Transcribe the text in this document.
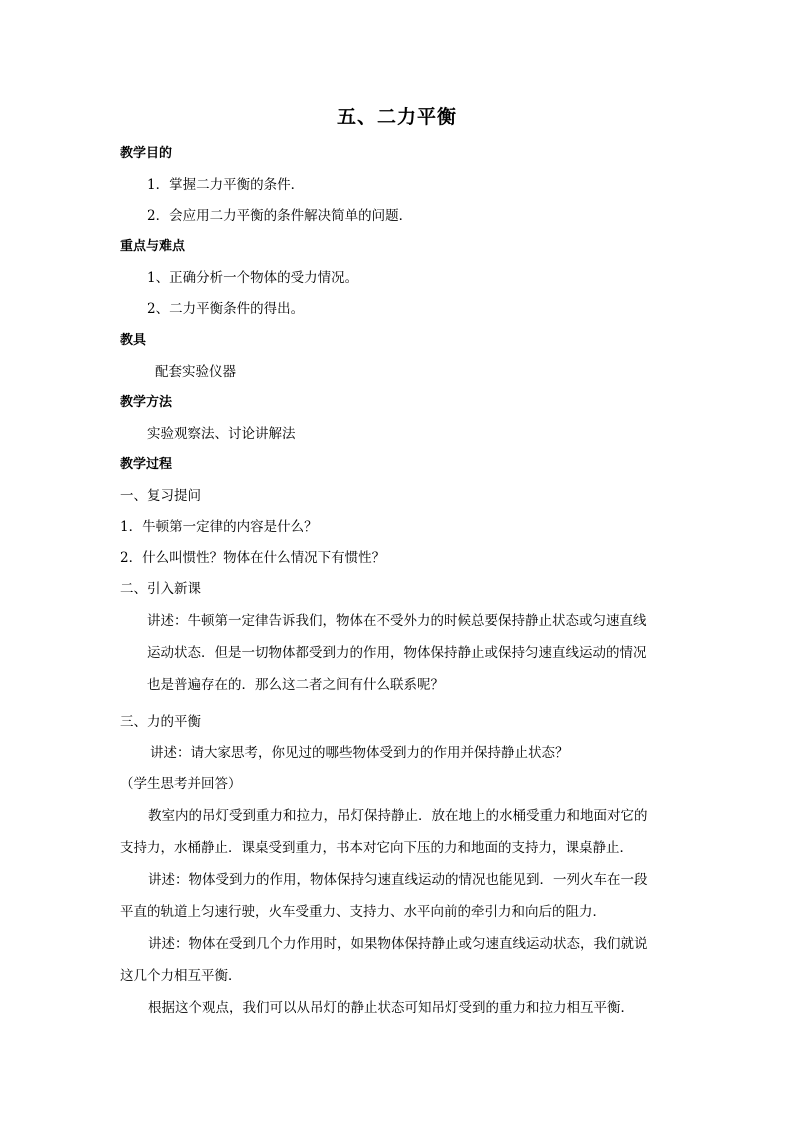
五、二力平衡
教学目的
1．掌握二力平衡的条件．
2．会应用二力平衡的条件解决简单的问题．
重点与难点
1、正确分析一个物体的受力情况。
2、二力平衡条件的得出。
教具
配套实验仪器
教学方法
实验观察法、讨论讲解法
教学过程
一、复习提问
1．牛顿第一定律的内容是什么？
2．什么叫惯性？物体在什么情况下有惯性？
二、引入新课
讲述：牛顿第一定律告诉我们，物体在不受外力的时候总要保持静止状态或匀速直线
运动状态．但是一切物体都受到力的作用，物体保持静止或保持匀速直线运动的情况
也是普遍存在的．那么这二者之间有什么联系呢？
三、力的平衡
讲述：请大家思考，你见过的哪些物体受到力的作用并保持静止状态？
（学生思考并回答）
教室内的吊灯受到重力和拉力，吊灯保持静止．放在地上的水桶受重力和地面对它的
支持力，水桶静止．课桌受到重力，书本对它向下压的力和地面的支持力，课桌静止．
讲述：物体受到力的作用，物体保持匀速直线运动的情况也能见到．一列火车在一段
平直的轨道上匀速行驶，火车受重力、支持力、水平向前的牵引力和向后的阻力．
讲述：物体在受到几个力作用时，如果物体保持静止或匀速直线运动状态，我们就说
这几个力相互平衡．
根据这个观点，我们可以从吊灯的静止状态可知吊灯受到的重力和拉力相互平衡．
